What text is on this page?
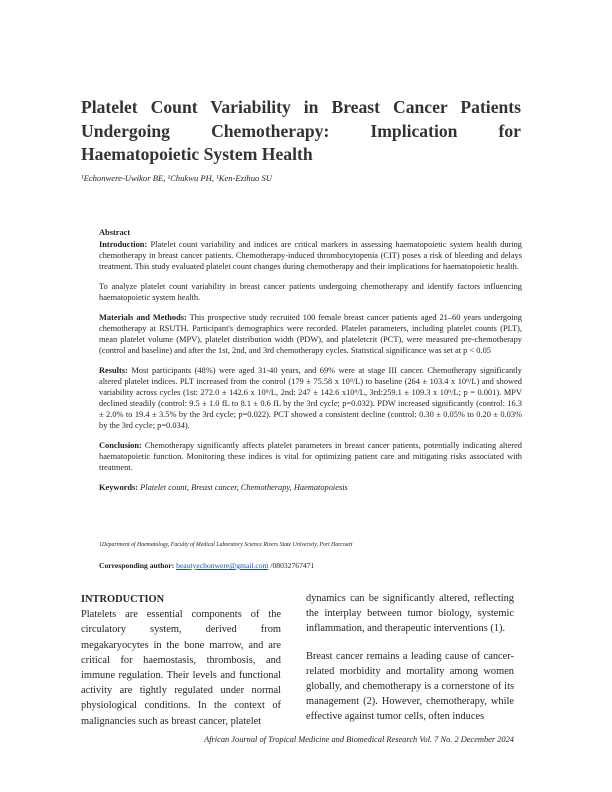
Platelet Count Variability in Breast Cancer Patients
Undergoing Chemotherapy: Implication for
Haematopoietic System Health
¹Echonwere-Uwikor BE, ¹Chukwu PH, ¹Ken-Ezihuo SU

Abstract

Introduction: Platelet count variability and indices are critical markers in assessing haematopoietic system health during chemotherapy in breast cancer patients. Chemotherapy-induced thrombocytopenia (CIT) poses a risk of bleeding and delays treatment. This study evaluated platelet count changes during chemotherapy and their implications for haematopoietic health.

To analyze platelet count variability in breast cancer patients undergoing chemotherapy and identify factors influencing haematopoietic system health.

Materials and Methods: This prospective study recruited 100 female breast cancer patients aged 21–60 years undergoing chemotherapy at RSUTH. Participant's demographics were recorded. Platelet parameters, including platelet counts (PLT), mean platelet volume (MPV), platelet distribution width (PDW), and plateletcrit (PCT), were measured pre-chemotherapy (control and baseline) and after the 1st, 2nd, and 3rd chemotherapy cycles. Statistical significance was set at p < 0.05

Results: Most participants (48%) were aged 31-40 years, and 69% were at stage III cancer. Chemotherapy significantly altered platelet indices. PLT increased from the control (179 ± 75.58 x 10⁹/L) to baseline (264 ± 103.4 x 10⁹/L) and showed variability across cycles (1st: 272.0 ± 142.6 x 10⁹/L, 2nd: 247 ± 142.6 x10⁹/L, 3rd:259.1 ± 109.3 x 10⁹/L; p = 0.001). MPV declined steadily (control: 9.5 ± 1.0 fL to 8.1 ± 0.6 fL by the 3rd cycle; p=0.032). PDW increased significantly (control: 16.3 ± 2.0% to 19.4 ± 3.5% by the 3rd cycle; p=0.022). PCT showed a consistent decline (control: 0.30 ± 0.05% to 0.20 ± 0.03% by the 3rd cycle; p=0.034).

Conclusion: Chemotherapy significantly affects platelet parameters in breast cancer patients, potentially indicating altered haematopoietic function. Monitoring these indices is vital for optimizing patient care and mitigating risks associated with treatment.

Keywords: Platelet count, Breast cancer, Chemotherapy, Haematopoiesis

1Department of Haematology, Faculty of Medical Laboratory Science Rivers State University, Port Harcourt
Corresponding author: beautyechonwere@gmail.com /08032767471

INTRODUCTION

Platelets are essential components of the circulatory system, derived from megakaryocytes in the bone marrow, and are critical for haemostasis, thrombosis, and immune regulation. Their levels and functional activity are tightly regulated under normal physiological conditions. In the context of malignancies such as breast cancer, platelet

dynamics can be significantly altered, reflecting the interplay between tumor biology, systemic inflammation, and therapeutic interventions (1).

Breast cancer remains a leading cause of cancer-related morbidity and mortality among women globally, and chemotherapy is a cornerstone of its management (2). However, chemotherapy, while effective against tumor cells, often induces

African Journal of Tropical Medicine and Biomedical Research Vol. 7 No. 2 December 2024
